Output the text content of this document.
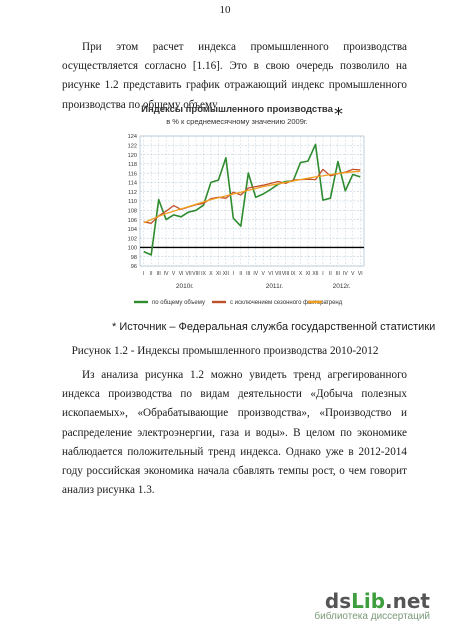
10

При этом расчет индекса промышленного производства осуществляется согласно [1.16]. Это в свою очередь позволило на рисунке 1.2 представить график отражающий индекс промышленного производства по общему объему

Индексы промышленного производства
в % к среднемесячному значению 2009г.
96
98
100
102
104
106
108
110
112
114
116
118
120
122
124
I II III IV V VI VII VIII IX X XI XII I II III IV V VI VII VIII IX X XI XII I II III IV V VI
2010г.	2011г.	2012г.
по общему объему	с исключением сезонного фактора тренд
*
* Источник – Федеральная служба государственной статистики
Рисунок 1.2 - Индексы промышленного производства 2010-2012

Из анализа рисунка 1.2 можно увидеть тренд агрегированного индекса производства по видам деятельности «Добыча полезных ископаемых», «Обрабатывающие производства», «Производство и распределение электроэнергии, газа и воды». В целом по экономике наблюдается положительный тренд индекса. Однако уже в 2012-2014 году российская экономика начала сбавлять темпы рост, о чем говорит анализ рисунка 1.3.

dsLib.net
библиотека диссертаций
